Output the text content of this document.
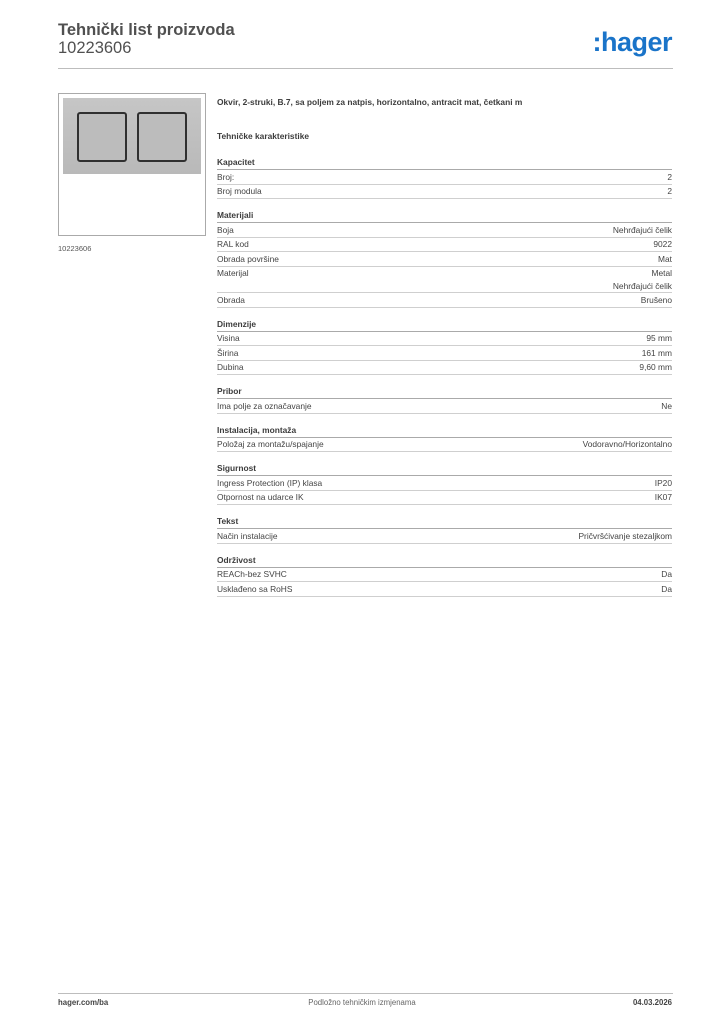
Tehnički list proizvoda
10223606	:hager
10223606
Okvir, 2-struki, B.7, sa poljem za natpis, horizontalno, antracit mat, četkani m
Tehničke karakteristike
Kapacitet
Broj:	2
Broj modula	2
Materijali
Boja	Nehrđajući čelik
RAL kod	9022
Obrada površine	Mat
Materijal	Metal
Nehrđajući čelik
Obrada	Brušeno
Dimenzije
Visina	95 mm
Širina	161 mm
Dubina	9,60 mm
Pribor
Ima polje za označavanje	Ne
Instalacija, montaža
Položaj za montažu/spajanje	Vodoravno/Horizontalno
Sigurnost
Ingress Protection (IP) klasa	IP20
Otpornost na udarce IK	IK07
Tekst
Način instalacije	Pričvršćivanje stezaljkom
Održivost
REACh-bez SVHC	Da
Usklađeno sa RoHS	Da
hager.com/ba	Podložno tehničkim izmjenama	04.03.2026
